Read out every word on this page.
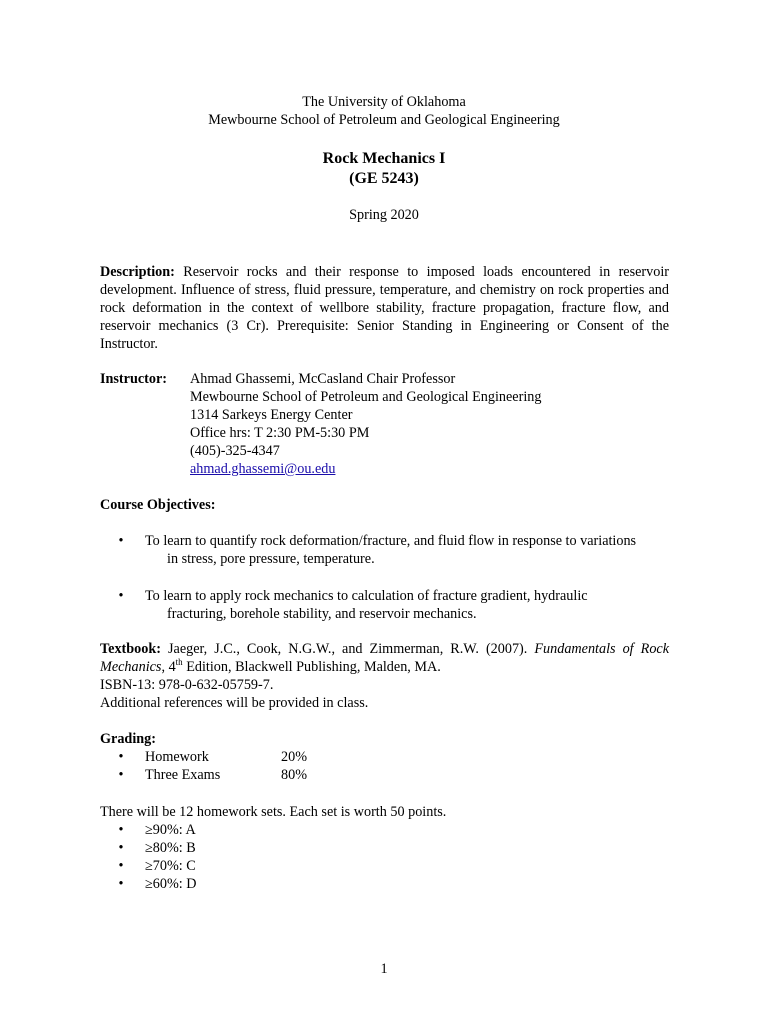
The University of Oklahoma
Mewbourne School of Petroleum and Geological Engineering
Rock Mechanics I
(GE 5243)
Spring 2020
Description: Reservoir rocks and their response to imposed loads encountered in reservoir development. Influence of stress, fluid pressure, temperature, and chemistry on rock properties and rock deformation in the context of wellbore stability, fracture propagation, fracture flow, and reservoir mechanics (3 Cr). Prerequisite: Senior Standing in Engineering or Consent of the Instructor.
Instructor: Ahmad Ghassemi, McCasland Chair Professor
Mewbourne School of Petroleum and Geological Engineering
1314 Sarkeys Energy Center
Office hrs: T 2:30 PM-5:30 PM
(405)-325-4347
ahmad.ghassemi@ou.edu
Course Objectives:
• To learn to quantify rock deformation/fracture, and fluid flow in response to variations
in stress, pore pressure, temperature.
• To learn to apply rock mechanics to calculation of fracture gradient, hydraulic
fracturing, borehole stability, and reservoir mechanics.
Textbook: Jaeger, J.C., Cook, N.G.W., and Zimmerman, R.W. (2007). Fundamentals of Rock Mechanics, 4th Edition, Blackwell Publishing, Malden, MA.
ISBN-13: 978-0-632-05759-7.
Additional references will be provided in class.
Grading:
• Homework	20%
• Three Exams	80%
There will be 12 homework sets. Each set is worth 50 points.
• ≥90%: A
• ≥80%: B
• ≥70%: C
• ≥60%: D
1
